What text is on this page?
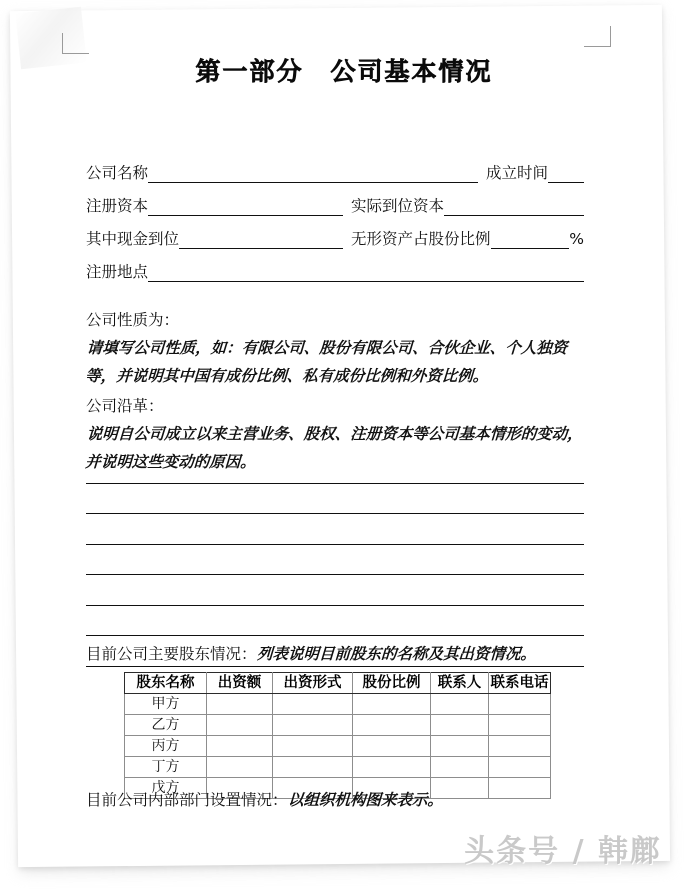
第一部分　公司基本情况
公司名称	成立时间
注册资本	实际到位资本
其中现金到位	无形资产占股份比例	%
注册地点
公司性质为：请填写公司性质，如：有限公司、股份有限公司、合伙企业、个人独资等，并说明其中国有成份比例、私有成份比例和外资比例。
公司沿革：说明自公司成立以来主营业务、股权、注册资本等公司基本情形的变动，并说明这些变动的原因。
目前公司主要股东情况：列表说明目前股东的名称及其出资情况。
股东名称	出资额	出资形式	股份比例	联系人	联系电话
甲方					
乙方					
丙方					
丁方					
戊方					
目前公司内部部门设置情况：以组织机构图来表示。
头条号 / 韩鄜
